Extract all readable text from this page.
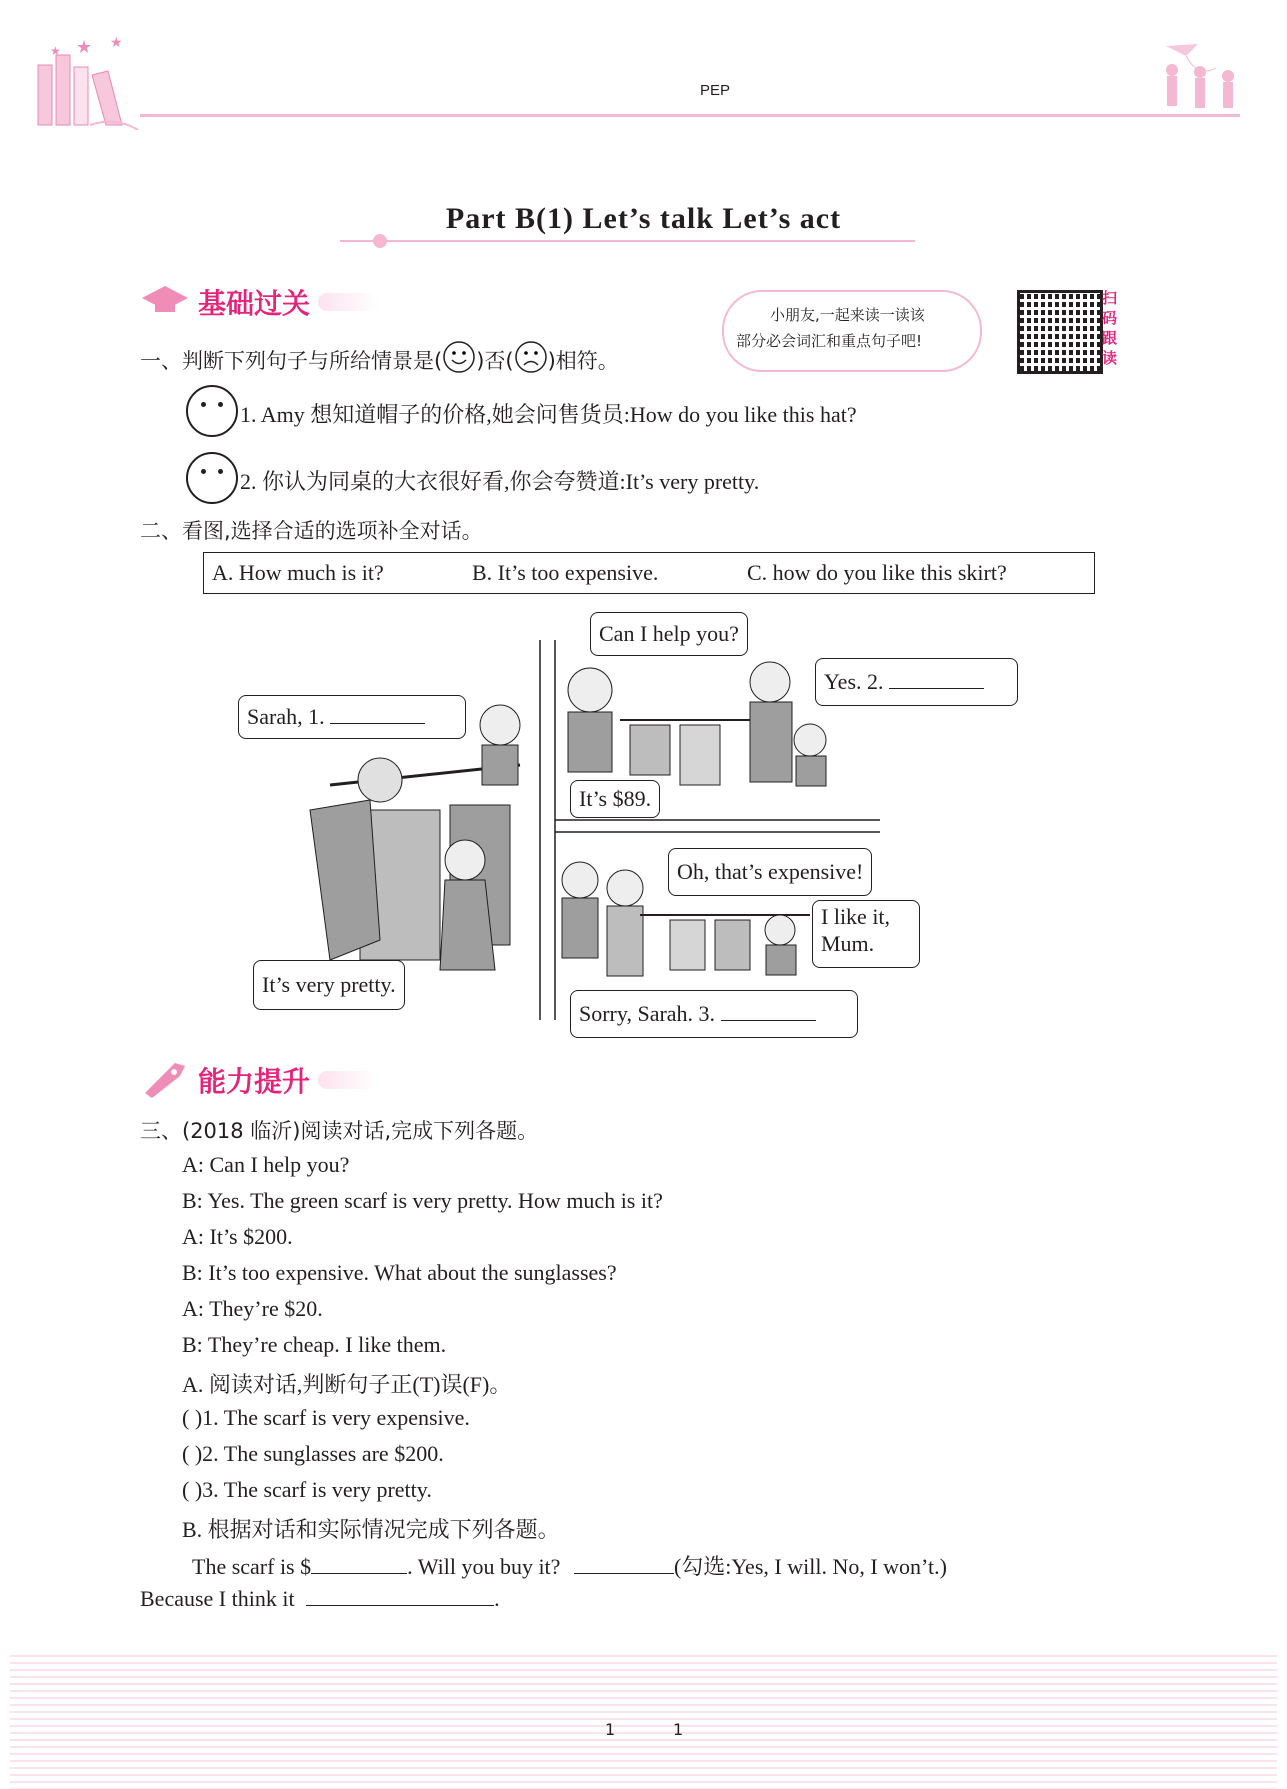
★ ★
★
PEP
Part B(1) Let’s talk Let’s act
基础过关	小朋友,一起来读一读该
部分必会词汇和重点句子吧!
扫
码
跟
读
一、判断下列句子与所给情景是( )否( )相符。
1. Amy 想知道帽子的价格,她会问售货员:How do you like this hat?
2. 你认为同桌的大衣很好看,你会夸赞道:It’s very pretty.
二、看图,选择合适的选项补全对话。
A. How much is it?	B. It’s too expensive.	C. how do you like this skirt?
Sarah, 1.
Can I help you?
Yes. 2.
It’s $89.
Oh, that’s expensive!
I like it,
Mum.
It’s very pretty.
Sorry, Sarah. 3.
能力提升
三、(2018 临沂)阅读对话,完成下列各题。
A: Can I help you?
B: Yes. The green scarf is very pretty. How much is it?
A: It’s $200.
B: It’s too expensive. What about the sunglasses?
A: They’re $20.
B: They’re cheap. I like them.
A. 阅读对话,判断句子正(T)误(F)。
( )1. The scarf is very expensive.
( )2. The sunglasses are $200.
( )3. The scarf is very pretty.
B. 根据对话和实际情况完成下列各题。
The scarf is $	. Will you buy it?	(勾选:Yes, I will. No, I won’t.)
Because I think it	.
1	1
